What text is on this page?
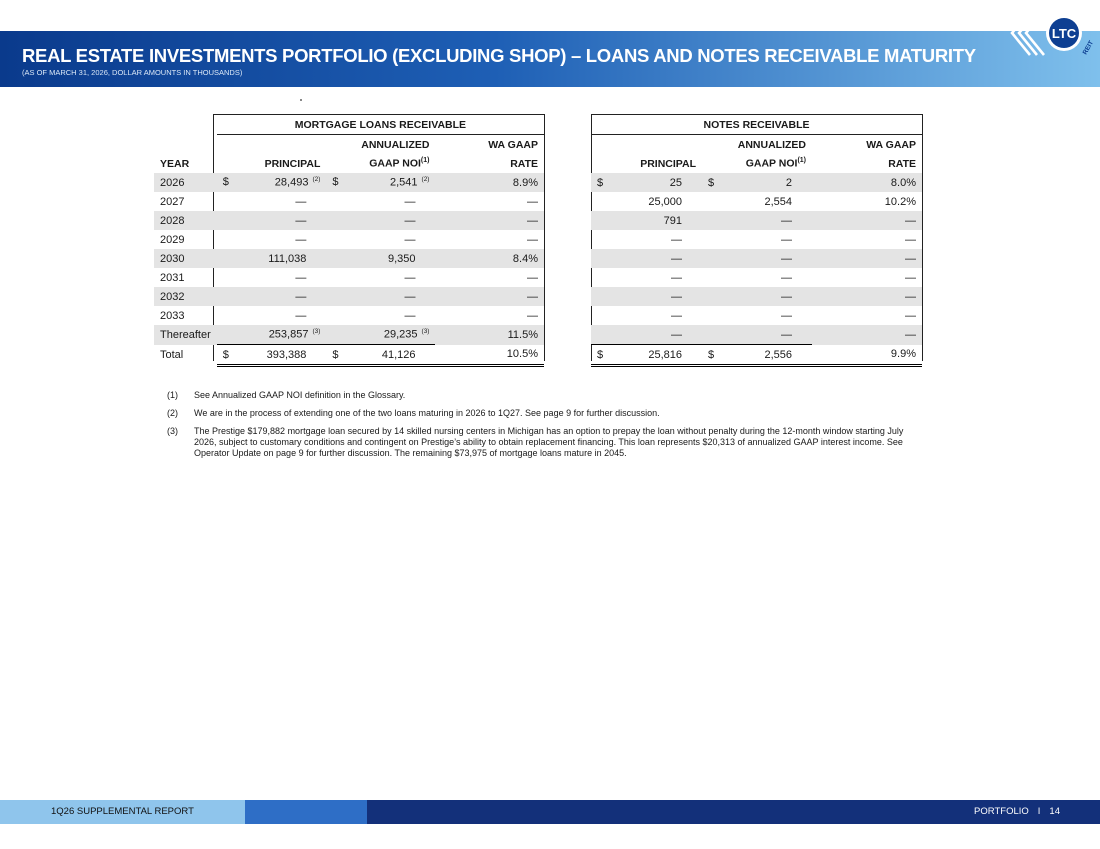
REAL ESTATE INVESTMENTS PORTFOLIO (EXCLUDING SHOP) – LOANS AND NOTES RECEIVABLE MATURITY
(AS OF MARCH 31, 2026, DOLLAR AMOUNTS IN THOUSANDS)
LTC
REIT
	MORTGAGE LOANS RECEIVABLE		
		ANNUALIZED	WA GAAP
YEAR	PRINCIPAL	GAAP NOI$^{(1)}$	RATE
2026	$ 28,493 $^{(2)}$	$ 2,541 $^{(2)}$	8.9%
2027	—	—	—
2028	—	—	—
2029	—	—	—
2030	111,038	9,350	8.4%
2031	—	—	—
2032	—	—	—
2033	—	—	—
Thereafter	253,857 $^{(3)}$	29,235 $^{(3)}$	11.5%
Total	$ 393,388	$ 41,126	10.5%
NOTES RECEIVABLE		
	ANNUALIZED	WA GAAP
PRINCIPAL	GAAP NOI$^{(1)}$	RATE

$ 25	$ 2	8.0%
25,000	2,554	10.2%
791	—	—
—	—	—
—	—	—
—	—	—
—	—	—
—	—	—
—	—	—

$ 25,816	$ 2,556	9.9%
(1)	See Annualized GAAP NOI definition in the Glossary.
(2)	We are in the process of extending one of the two loans maturing in 2026 to 1Q27. See page 9 for further discussion.
(3)	The Prestige $179,882 mortgage loan secured by 14 skilled nursing centers in Michigan has an option to prepay the loan without penalty during the 12-month window starting July 2026, subject to customary conditions and contingent on Prestige’s ability to obtain replacement financing. This loan represents $20,313 of annualized GAAP interest income. See Operator Update on page 9 for further discussion. The remaining $73,975 of mortgage loans mature in 2045.
1Q26 SUPPLEMENTAL REPORT	PORTFOLIO I 14
